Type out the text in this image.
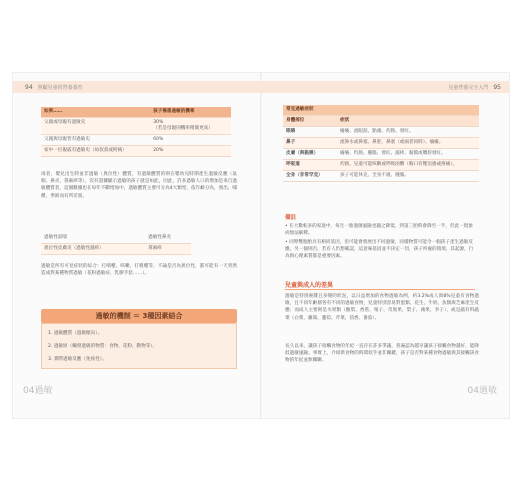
94 照顧兒童的營養養育
如果……	孩子罹患過敏的機率
父親或母親有過敏史	30%
（若是母親則機率稍微更高）
父親與母親皆有過敏史	60%
家中一位親戚有過敏史（如叔叔或阿姨）	20%
再者，嬰兒出生時並非過敏（異位性）體質，有過敏體質的則在嬰幼兒時期產生過敏反應（氣喘、鼻炎、蕁麻疹等），沒有證據顯示過敏的孩子就是如此，因此，許多過敏人口的增加是來自過敏體質者，這個數據也在每年不斷增加中，過敏體質主要可分為4大類型，依年齡分為，發出、哺餵、季節而有所差異。
過敏性氣喘	過敏性鼻炎
異位性皮膚炎（過敏性濕疹）	蕁麻疹
過敏是所有可見症狀的綜合：打噴嚏、咳嗽、打噴嚏等，不論是否為異位性，都可能有一天突然造成對某種物質過敏（花粉過敏症、乳膠手套……）。
過敏的機制 ＝ 3種因素結合
1. 過敏體質（過敏傾向）。
2. 過敏原（觸發過敏的物質：食物、花粉、動物等）。
3. 實際過敏反應（免疫性）。
04過敏
兒童營養完全入門 95
常見過敏症狀	
身體部位	症狀
眼睛	癢癢、流眼淚、點頭、灼熱、發紅。
鼻子	流鼻水或鼻塞、鼻腔、鼻塞（或兩者同時）、癢癢。
皮膚（與黏膜）	癢癢、灼熱、腫脹、發紅、濕疹、黏膜或嘴唇發紅。
呼吸道	灼熱、兒童可能咳嗽或呼吸困難（胸口有壓迫感或疼痛）。
全身（非常罕見）	孩子可能休克、全身不適、腫脹。
備註
• 在大數較多的家庭中，每生一胎過敏風險也隨之降低，到第三胎時會降至一半，但此一現象尚無法解釋。
• 同卵雙胞胎具有相同基因，但可能會發展出不同過敏，同樣物質可能令一個孩子產生過敏反應，另一個則否，若有人仍想確認，這意味基因並不決定一切，孩子所處的環境、其起源，行為與心理素質都是重要因素。
兒童與成人的差異
過敏是特別複雜且多變的狀況，以日益增加的食物過敏為例，約3.2%成人與8%兒童有食物過敏，且不同年齡層各有不同的過敏食物，兒童特別容易對蛋類、花生、牛奶、魚類與芝麻產生反應；而成人主要則是水果類（酪梨、香蕉、栗子、奇異果、梨子、蘋果、李子）、或是蔬有料蔬菜（白菜、蘿蔔、蘆筍、芹菜、茴香、番茄）。
長久以來，讓孩子接觸食物的年紀一直存在許多爭議，普遍認為越早讓孩子接觸食物越好，能降低過敏風險。事實上，介紹新食物的時間似乎並非關鍵，孩子是否對某種食物過敏與其接觸該食物的年紀並無關聯。
04過敏
